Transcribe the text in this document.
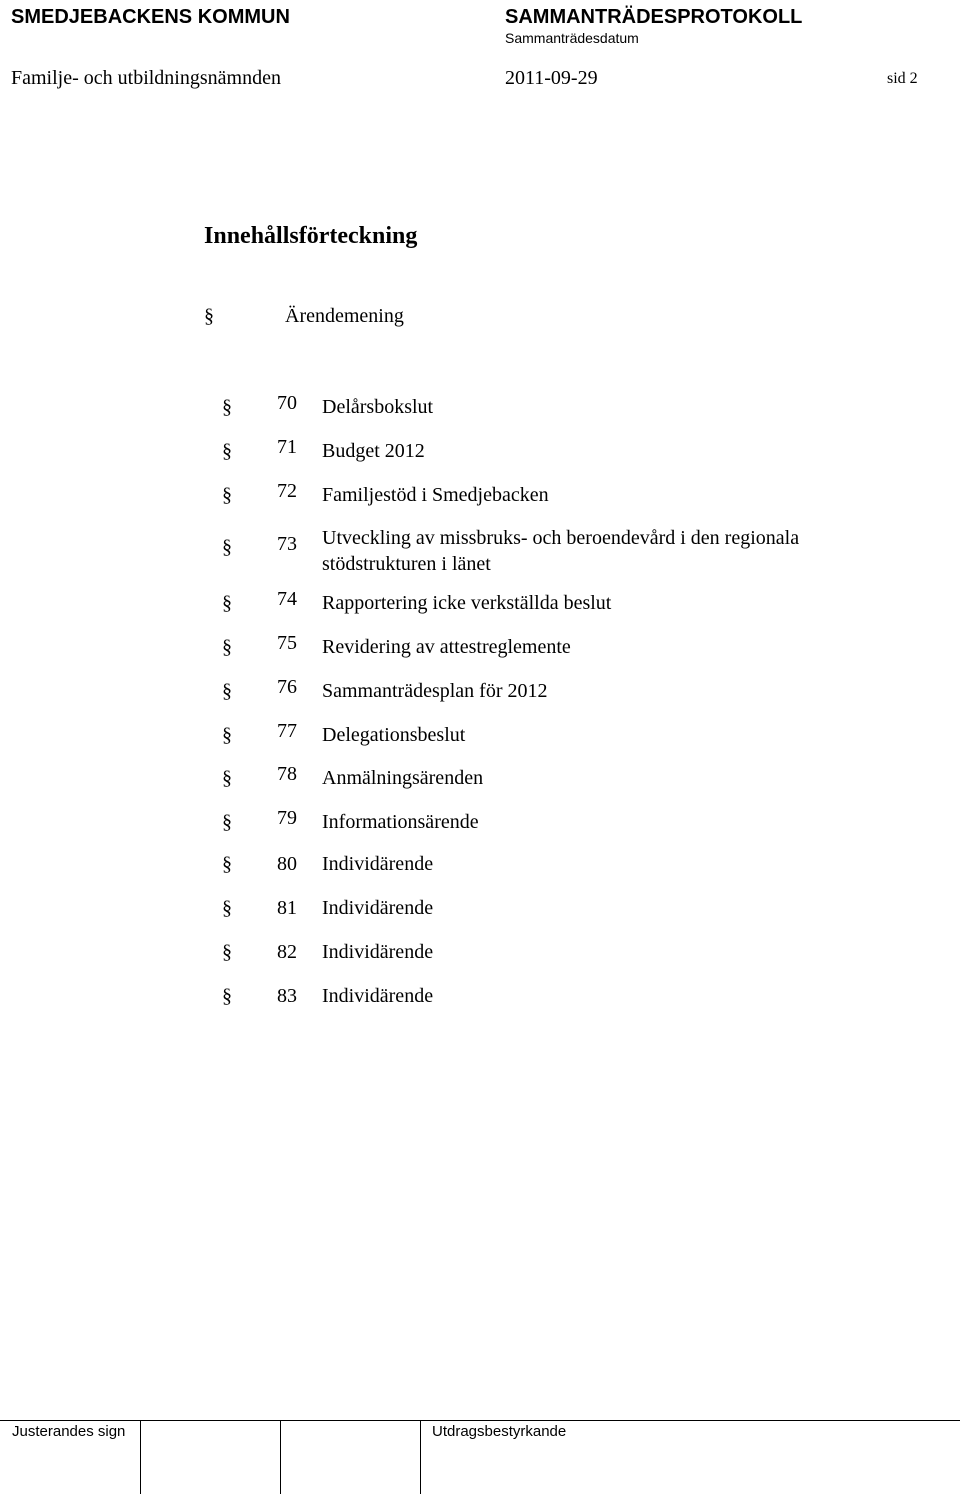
SMEDJEBACKENS KOMMUN	SAMMANTRÄDESPROTOKOLL
Sammanträdesdatum
Familje- och utbildningsnämnden	2011-09-29	sid 2
Innehållsförteckning
§	Ärendemening
§	70 Delårsbokslut
§	71 Budget 2012
§	72 Familjestöd i Smedjebacken
§	73 Utveckling av missbruks- och beroendevård i den regionala stödstrukturen i länet
§	74 Rapportering icke verkställda beslut
§	75 Revidering av attestreglemente
§	76 Sammanträdesplan för 2012
§	77 Delegationsbeslut
§	78 Anmälningsärenden
§	79 Informationsärende
§	80 Individärende
§	81 Individärende
§	82 Individärende
§	83 Individärende
Justerandes sign	Utdragsbestyrkande
